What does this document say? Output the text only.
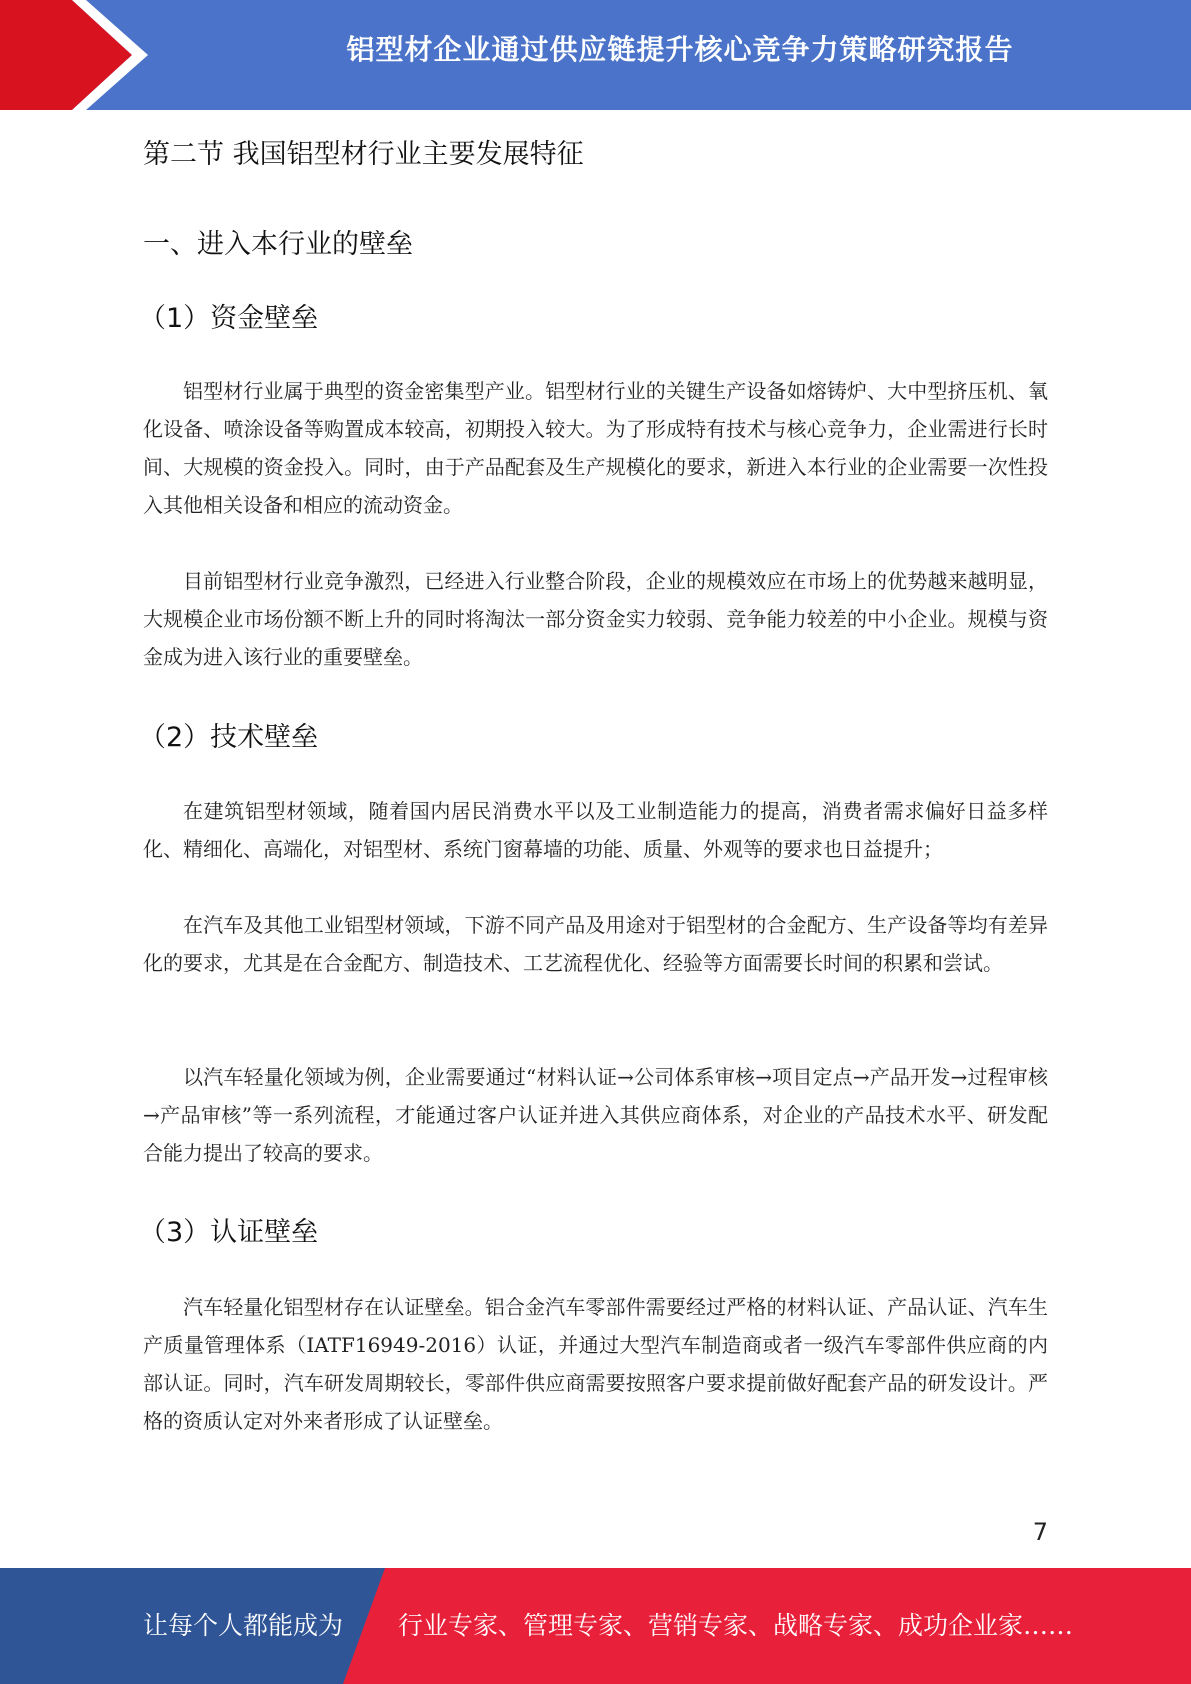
铝型材企业通过供应链提升核心竞争力策略研究报告
第二节 我国铝型材行业主要发展特征
一、进入本行业的壁垒
（1）资金壁垒

铝型材行业属于典型的资金密集型产业。铝型材行业的关键生产设备如熔铸炉、大中型挤压机、氧化设备、喷涂设备等购置成本较高，初期投入较大。为了形成特有技术与核心竞争力，企业需进行长时间、大规模的资金投入。同时，由于产品配套及生产规模化的要求，新进入本行业的企业需要一次性投入其他相关设备和相应的流动资金。

目前铝型材行业竞争激烈，已经进入行业整合阶段，企业的规模效应在市场上的优势越来越明显，大规模企业市场份额不断上升的同时将淘汰一部分资金实力较弱、竞争能力较差的中小企业。规模与资金成为进入该行业的重要壁垒。

（2）技术壁垒

在建筑铝型材领域，随着国内居民消费水平以及工业制造能力的提高，消费者需求偏好日益多样化、精细化、高端化，对铝型材、系统门窗幕墙的功能、质量、外观等的要求也日益提升；

在汽车及其他工业铝型材领域，下游不同产品及用途对于铝型材的合金配方、生产设备等均有差异化的要求，尤其是在合金配方、制造技术、工艺流程优化、经验等方面需要长时间的积累和尝试。

以汽车轻量化领域为例，企业需要通过“材料认证→公司体系审核→项目定点→产品开发→过程审核→产品审核”等一系列流程，才能通过客户认证并进入其供应商体系，对企业的产品技术水平、研发配合能力提出了较高的要求。

（3）认证壁垒

汽车轻量化铝型材存在认证壁垒。铝合金汽车零部件需要经过严格的材料认证、产品认证、汽车生产质量管理体系（IATF16949-2016）认证，并通过大型汽车制造商或者一级汽车零部件供应商的内部认证。同时，汽车研发周期较长，零部件供应商需要按照客户要求提前做好配套产品的研发设计。严格的资质认定对外来者形成了认证壁垒。

7
让每个人都能成为 行业专家、管理专家、营销专家、战略专家、成功企业家……
